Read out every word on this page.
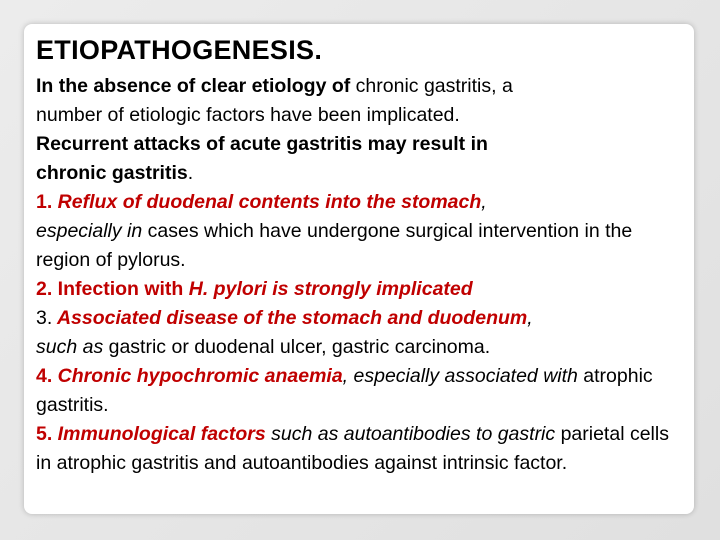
ETIOPATHOGENESIS.

In the absence of clear etiology of chronic gastritis, a
number of etiologic factors have been implicated.
Recurrent attacks of acute gastritis may result in
chronic gastritis.

1. Reflux of duodenal contents into the stomach,
especially in cases which have undergone surgical intervention in the region of pylorus.

2. Infection with H. pylori is strongly implicated

3. Associated disease of the stomach and duodenum,
such as gastric or duodenal ulcer, gastric carcinoma.

4. Chronic hypochromic anaemia, especially associated with atrophic gastritis.

5. Immunological factors such as autoantibodies to gastric parietal cells in atrophic gastritis and autoantibodies against intrinsic factor.
